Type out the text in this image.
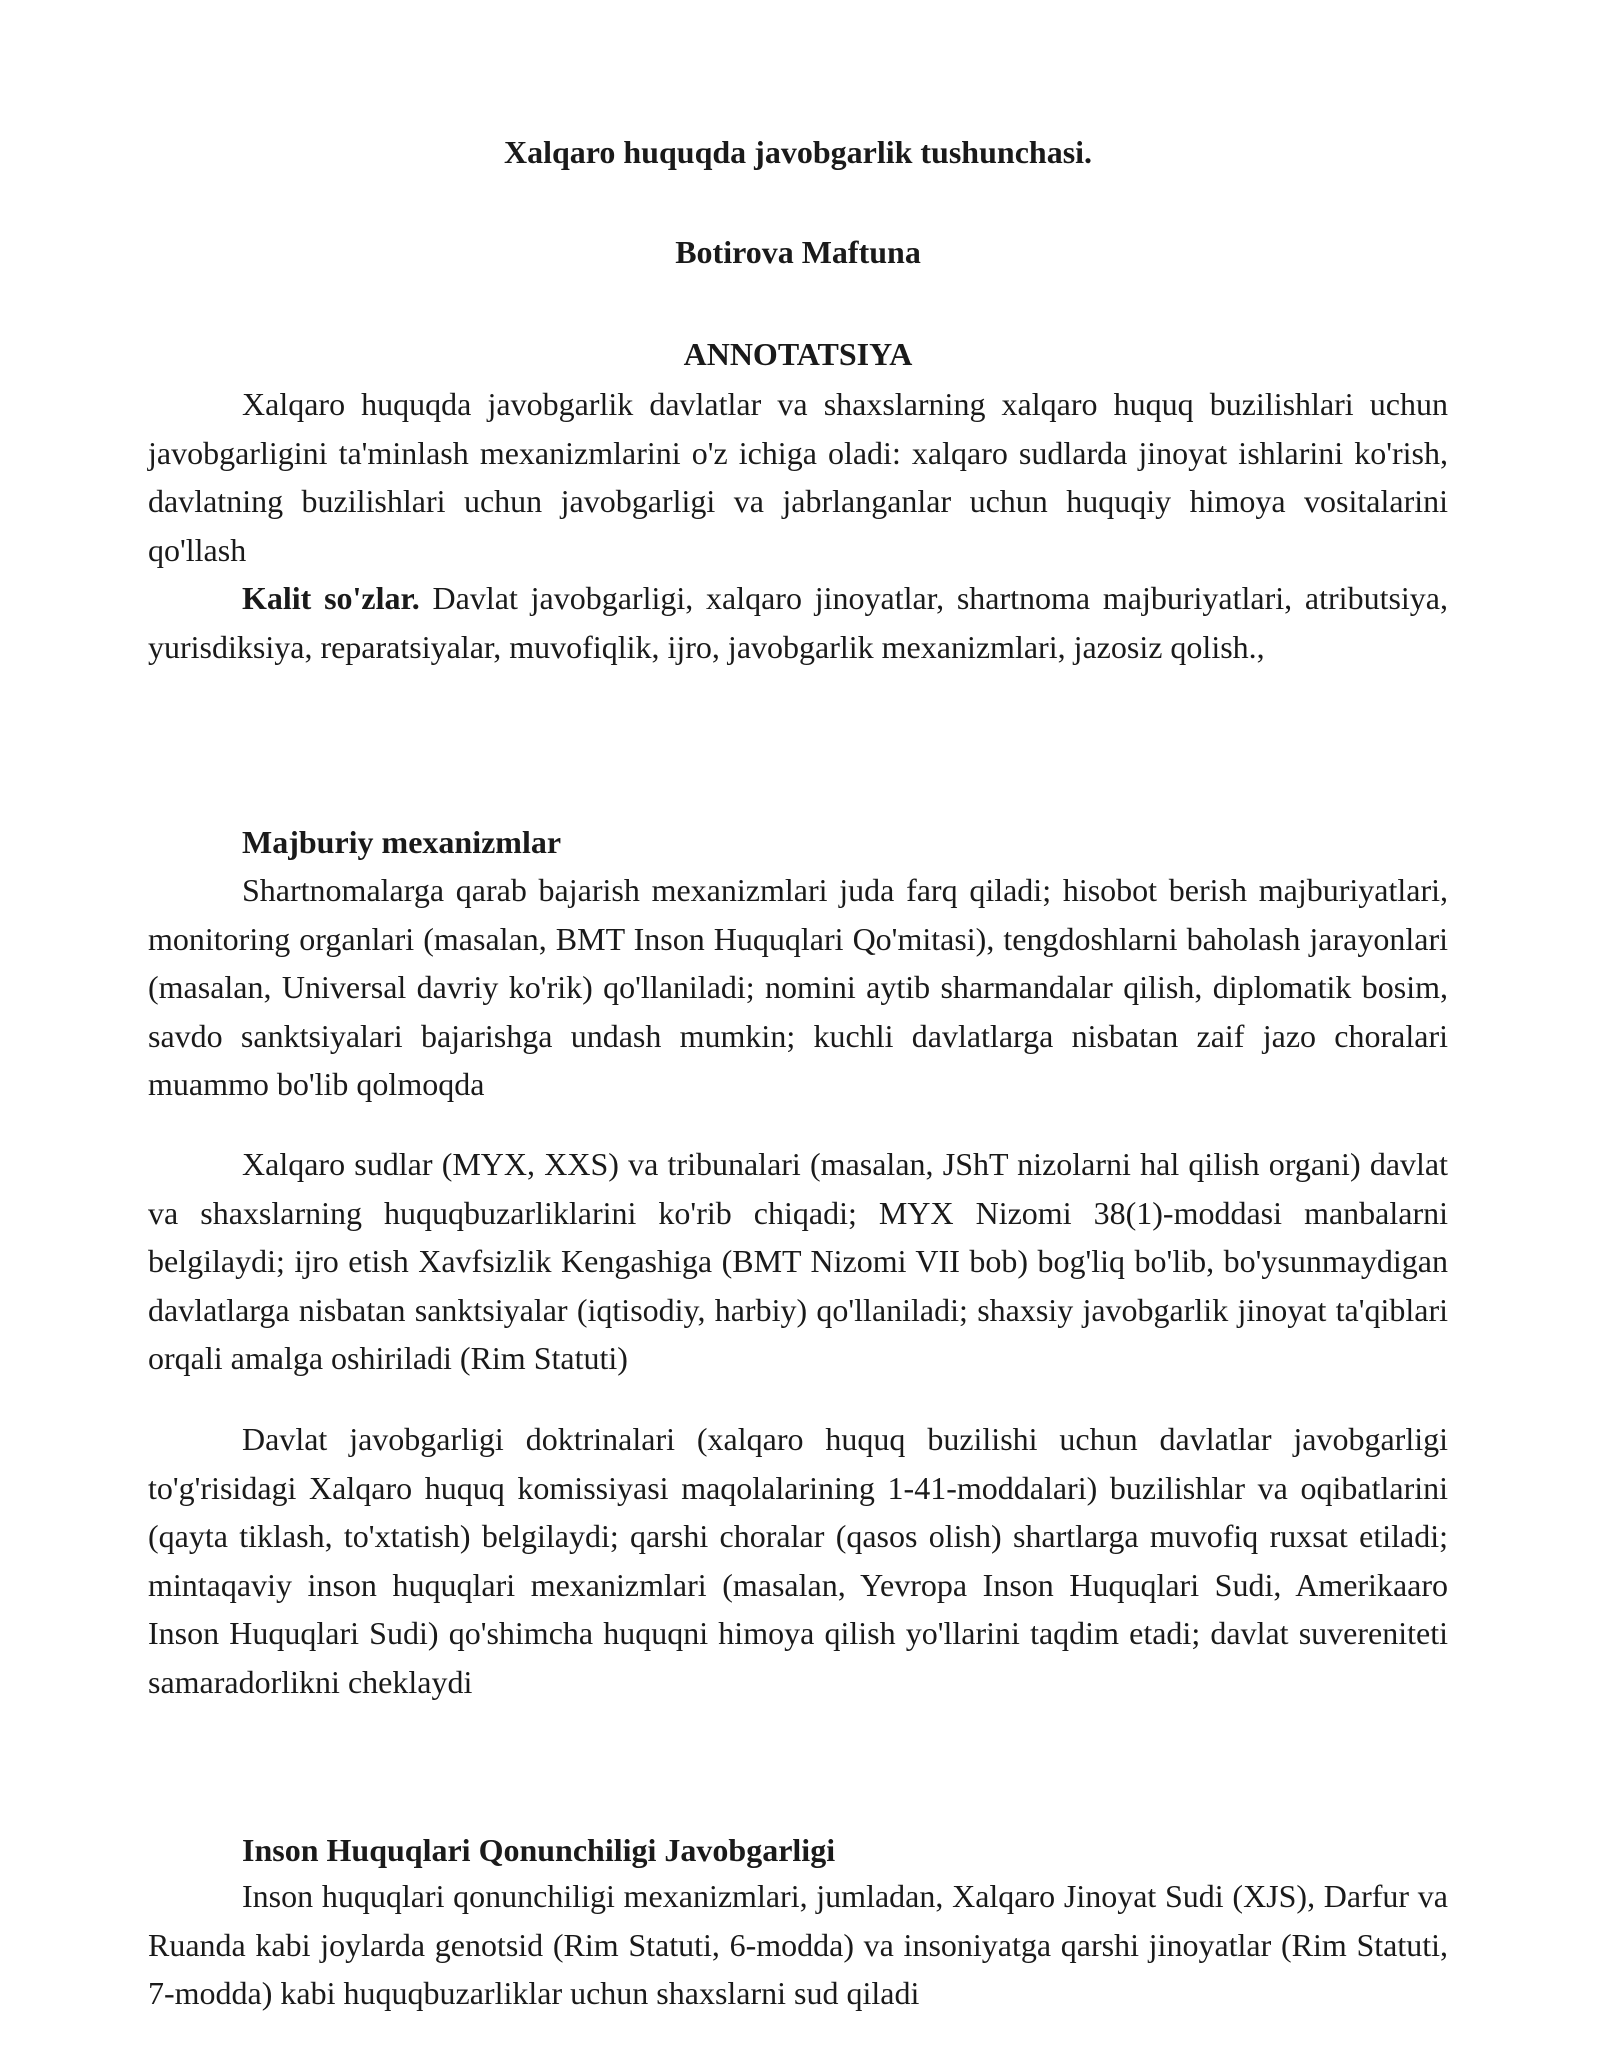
Xalqaro huquqda javobgarlik tushunchasi.
Botirova Maftuna
ANNOTATSIYA

Xalqaro huquqda javobgarlik davlatlar va shaxslarning xalqaro huquq buzilishlari uchun javobgarligini ta'minlash mexanizmlarini o'z ichiga oladi: xalqaro sudlarda jinoyat ishlarini ko'rish, davlatning buzilishlari uchun javobgarligi va jabrlanganlar uchun huquqiy himoya vositalarini qo'llash

Kalit so'zlar. Davlat javobgarligi, xalqaro jinoyatlar, shartnoma majburiyatlari, atributsiya, yurisdiksiya, reparatsiyalar, muvofiqlik, ijro, javobgarlik mexanizmlari, jazosiz qolish.,

Majburiy mexanizmlar

Shartnomalarga qarab bajarish mexanizmlari juda farq qiladi; hisobot berish majburiyatlari, monitoring organlari (masalan, BMT Inson Huquqlari Qo'mitasi), tengdoshlarni baholash jarayonlari (masalan, Universal davriy ko'rik) qo'llaniladi; nomini aytib sharmandalar qilish, diplomatik bosim, savdo sanktsiyalari bajarishga undash mumkin; kuchli davlatlarga nisbatan zaif jazo choralari muammo bo'lib qolmoqda

Xalqaro sudlar (MYX, XXS) va tribunalari (masalan, JShT nizolarni hal qilish organi) davlat va shaxslarning huquqbuzarliklarini ko'rib chiqadi; MYX Nizomi 38(1)-moddasi manbalarni belgilaydi; ijro etish Xavfsizlik Kengashiga (BMT Nizomi VII bob) bog'liq bo'lib, bo'ysunmaydigan davlatlarga nisbatan sanktsiyalar (iqtisodiy, harbiy) qo'llaniladi; shaxsiy javobgarlik jinoyat ta'qiblari orqali amalga oshiriladi (Rim Statuti)

Davlat javobgarligi doktrinalari (xalqaro huquq buzilishi uchun davlatlar javobgarligi to'g'risidagi Xalqaro huquq komissiyasi maqolalarining 1-41-moddalari) buzilishlar va oqibatlarini (qayta tiklash, to'xtatish) belgilaydi; qarshi choralar (qasos olish) shartlarga muvofiq ruxsat etiladi; mintaqaviy inson huquqlari mexanizmlari (masalan, Yevropa Inson Huquqlari Sudi, Amerikaaro Inson Huquqlari Sudi) qo'shimcha huquqni himoya qilish yo'llarini taqdim etadi; davlat suvereniteti samaradorlikni cheklaydi

Inson Huquqlari Qonunchiligi Javobgarligi

Inson huquqlari qonunchiligi mexanizmlari, jumladan, Xalqaro Jinoyat Sudi (XJS), Darfur va Ruanda kabi joylarda genotsid (Rim Statuti, 6-modda) va insoniyatga qarshi jinoyatlar (Rim Statuti, 7-modda) kabi huquqbuzarliklar uchun shaxslarni sud qiladi
